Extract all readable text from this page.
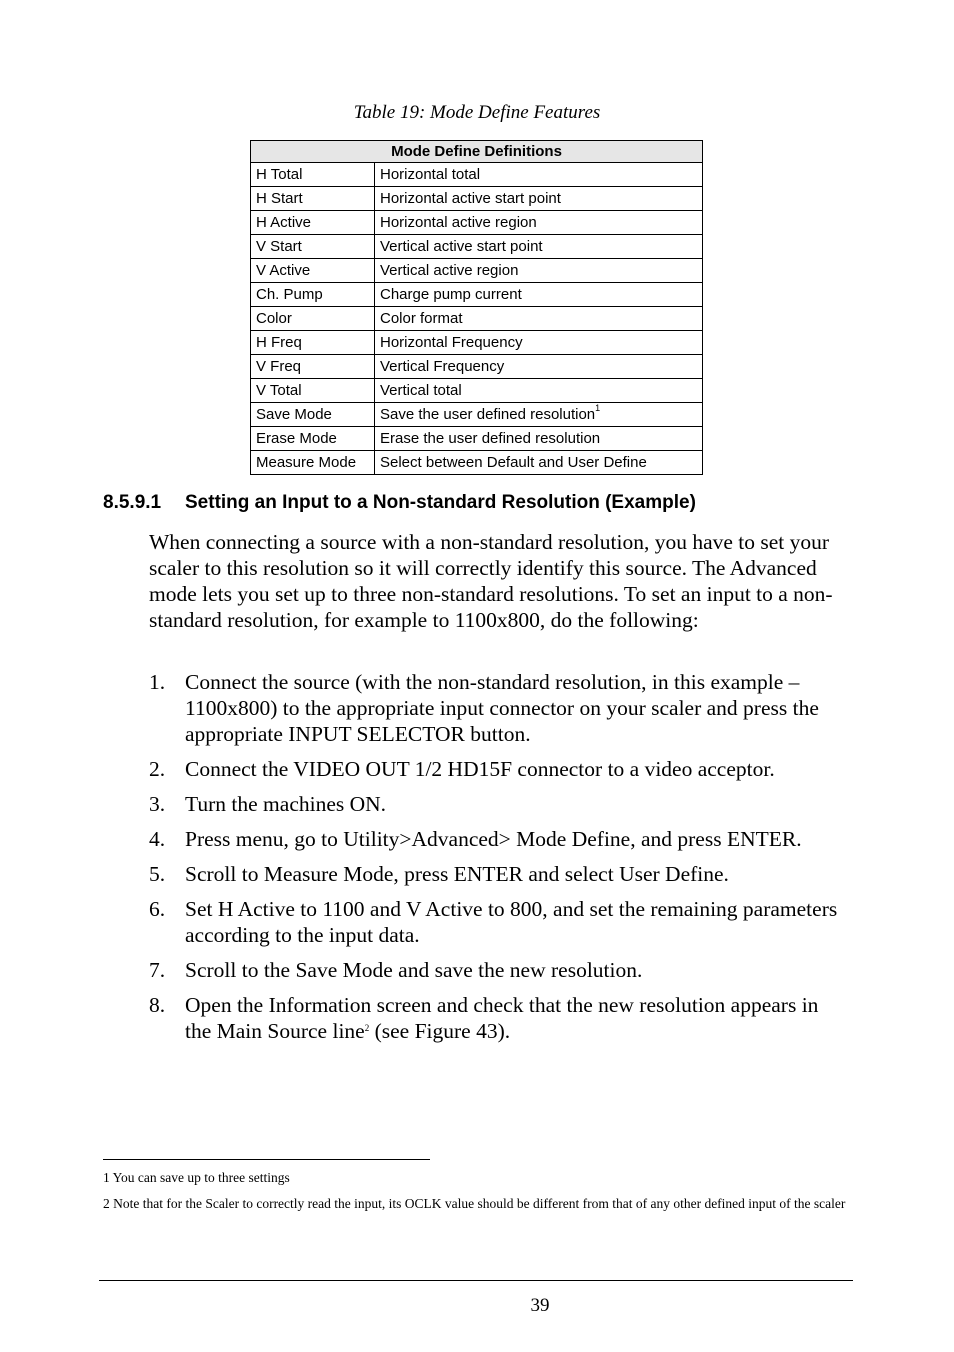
Table 19: Mode Define Features
Mode Define Definitions	
H Total	Horizontal total
H Start	Horizontal active start point
H Active	Horizontal active region
V Start	Vertical active start point
V Active	Vertical active region
Ch. Pump	Charge pump current
Color	Color format
H Freq	Horizontal Frequency
V Freq	Vertical Frequency
V Total	Vertical total
Save Mode	Save the user defined resolution$^1$
Erase Mode	Erase the user defined resolution
Measure Mode	Select between Default and User Define
8.5.9.1 Setting an Input to a Non-standard Resolution (Example)

When connecting a source with a non-standard resolution, you have to set your scaler to this resolution so it will correctly identify this source. The Advanced mode lets you set up to three non-standard resolutions. To set an input to a non-standard resolution, for example to 1100x800, do the following:

1. Connect the source (with the non-standard resolution, in this example – 1100x800) to the appropriate input connector on your scaler and press the appropriate INPUT SELECTOR button.
2. Connect the VIDEO OUT 1/2 HD15F connector to a video acceptor.
3. Turn the machines ON.
4. Press menu, go to Utility>Advanced> Mode Define, and press ENTER.
5. Scroll to Measure Mode, press ENTER and select User Define.
6. Set H Active to 1100 and V Active to 800, and set the remaining parameters according to the input data.
7. Scroll to the Save Mode and save the new resolution.
8. Open the Information screen and check that the new resolution appears in the Main Source line$^2$ (see Figure 43).

1 You can save up to three settings

2 Note that for the Scaler to correctly read the input, its OCLK value should be different from that of any other defined input of the scaler

39
